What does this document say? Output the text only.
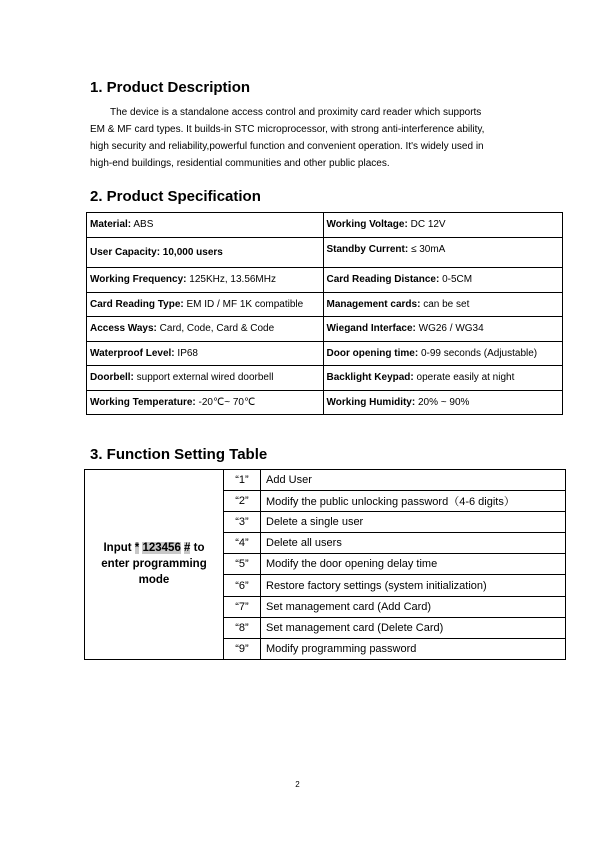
1. Product Description

The device is a standalone access control and proximity card reader which supports

EM & MF card types. It builds-in STC microprocessor, with strong anti-interference ability,

high security and reliability,powerful function and convenient operation. It's widely used in

high-end buildings, residential communities and other public places.

2. Product Specification
Material: ABS	Working Voltage: DC 12V
User Capacity: 10,000 users	Standby Current: ≤ 30mA
Working Frequency: 125KHz, 13.56MHz	Card Reading Distance: 0-5CM
Card Reading Type: EM ID / MF 1K compatible	Management cards: can be set
Access Ways: Card, Code, Card & Code	Wiegand Interface: WG26 / WG34
Waterproof Level: IP68	Door opening time: 0-99 seconds (Adjustable)
Doorbell: support external wired doorbell	Backlight Keypad: operate easily at night
Working Temperature: -20℃~ 70℃	Working Humidity: 20% ~ 90%
3. Function Setting Table
Input * 123456 # to
enter programming
mode	“1”	Add User
	“2”	Modify the public unlocking password（4-6 digits）
	“3”	Delete a single user
	“4”	Delete all users
	“5”	Modify the door opening delay time
	“6”	Restore factory settings (system initialization)
	“7”	Set management card (Add Card)
	“8”	Set management card (Delete Card)
	“9”	Modify programming password
2
